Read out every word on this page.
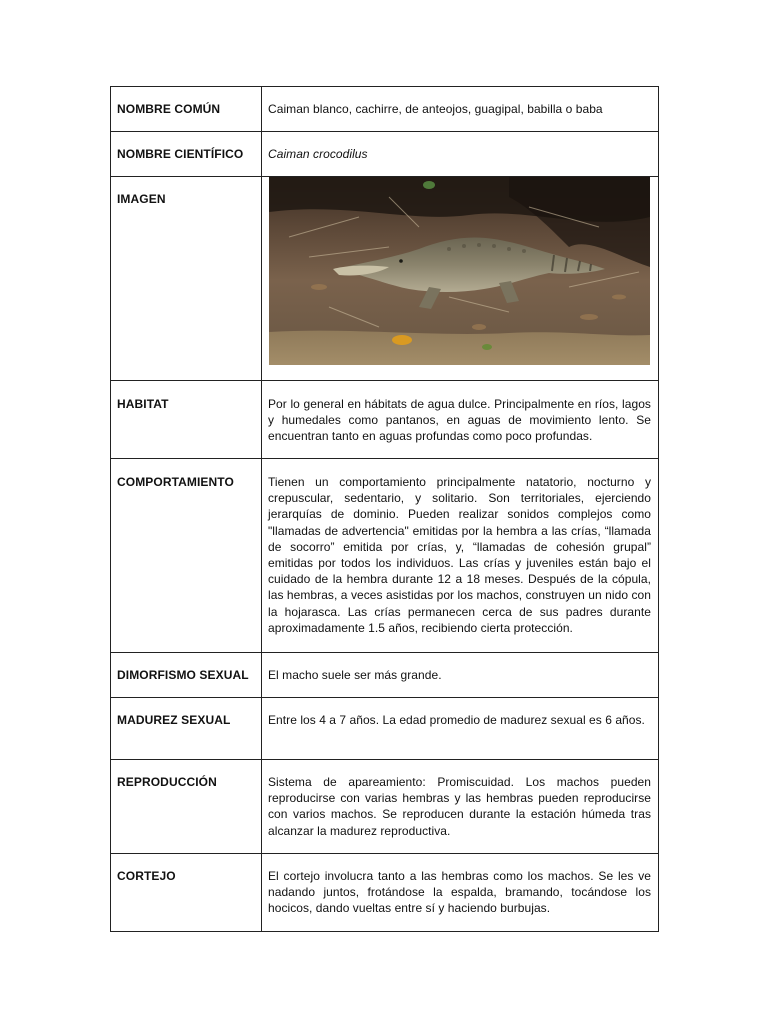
NOMBRE COMÚN	Caiman blanco, cachirre, de anteojos, guagipal, babilla o baba

NOMBRE CIENTÍFICO	Caiman crocodilus

IMAGEN

HABITAT	Por lo general en hábitats de agua dulce. Principalmente en ríos, lagos y humedales como pantanos, en aguas de movimiento lento. Se encuentran tanto en aguas profundas como poco profundas.

COMPORTAMIENTO	Tienen un comportamiento principalmente natatorio, nocturno y crepuscular, sedentario, y solitario. Son territoriales, ejerciendo jerarquías de dominio. Pueden realizar sonidos complejos como "llamadas de advertencia" emitidas por la hembra a las crías, “llamada de socorro” emitida por crías, y, “llamadas de cohesión grupal” emitidas por todos los individuos. Las crías y juveniles están bajo el cuidado de la hembra durante 12 a 18 meses. Después de la cópula, las hembras, a veces asistidas por los machos, construyen un nido con la hojarasca. Las crías permanecen cerca de sus padres durante aproximadamente 1.5 años, recibiendo cierta protección.

DIMORFISMO SEXUAL	El macho suele ser más grande.

MADUREZ SEXUAL	Entre los 4 a 7 años. La edad promedio de madurez sexual es 6 años.

REPRODUCCIÓN	Sistema de apareamiento: Promiscuidad. Los machos pueden reproducirse con varias hembras y las hembras pueden reproducirse con varios machos. Se reproducen durante la estación húmeda tras alcanzar la madurez reproductiva.

CORTEJO	El cortejo involucra tanto a las hembras como los machos. Se les ve nadando juntos, frotándose la espalda, bramando, tocándose los hocicos, dando vueltas entre sí y haciendo burbujas.
